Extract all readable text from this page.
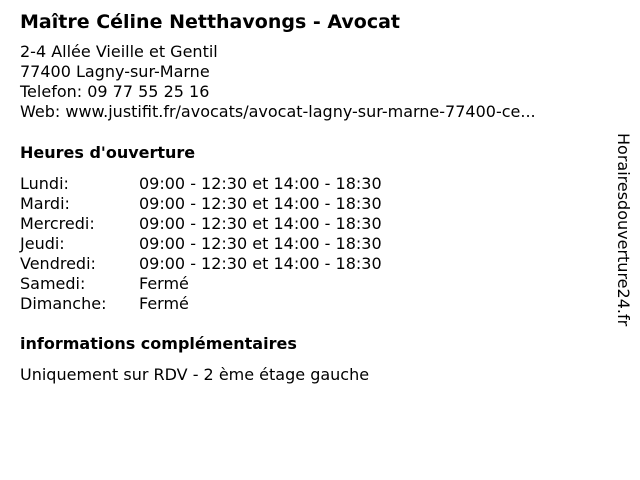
Maître Céline Netthavongs - Avocat
2-4 Allée Vieille et Gentil
77400 Lagny-sur-Marne
Telefon: 09 77 55 25 16
Web: www.justifit.fr/avocats/avocat-lagny-sur-marne-77400-ce...
Heures d'ouverture
Lundi:	09:00 - 12:30 et 14:00 - 18:30
Mardi:	09:00 - 12:30 et 14:00 - 18:30
Mercredi:	09:00 - 12:30 et 14:00 - 18:30
Jeudi:	09:00 - 12:30 et 14:00 - 18:30
Vendredi:	09:00 - 12:30 et 14:00 - 18:30
Samedi:	Fermé
Dimanche:	Fermé
informations complémentaires
Uniquement sur RDV - 2 ème étage gauche
Horairesdouverture24.fr
